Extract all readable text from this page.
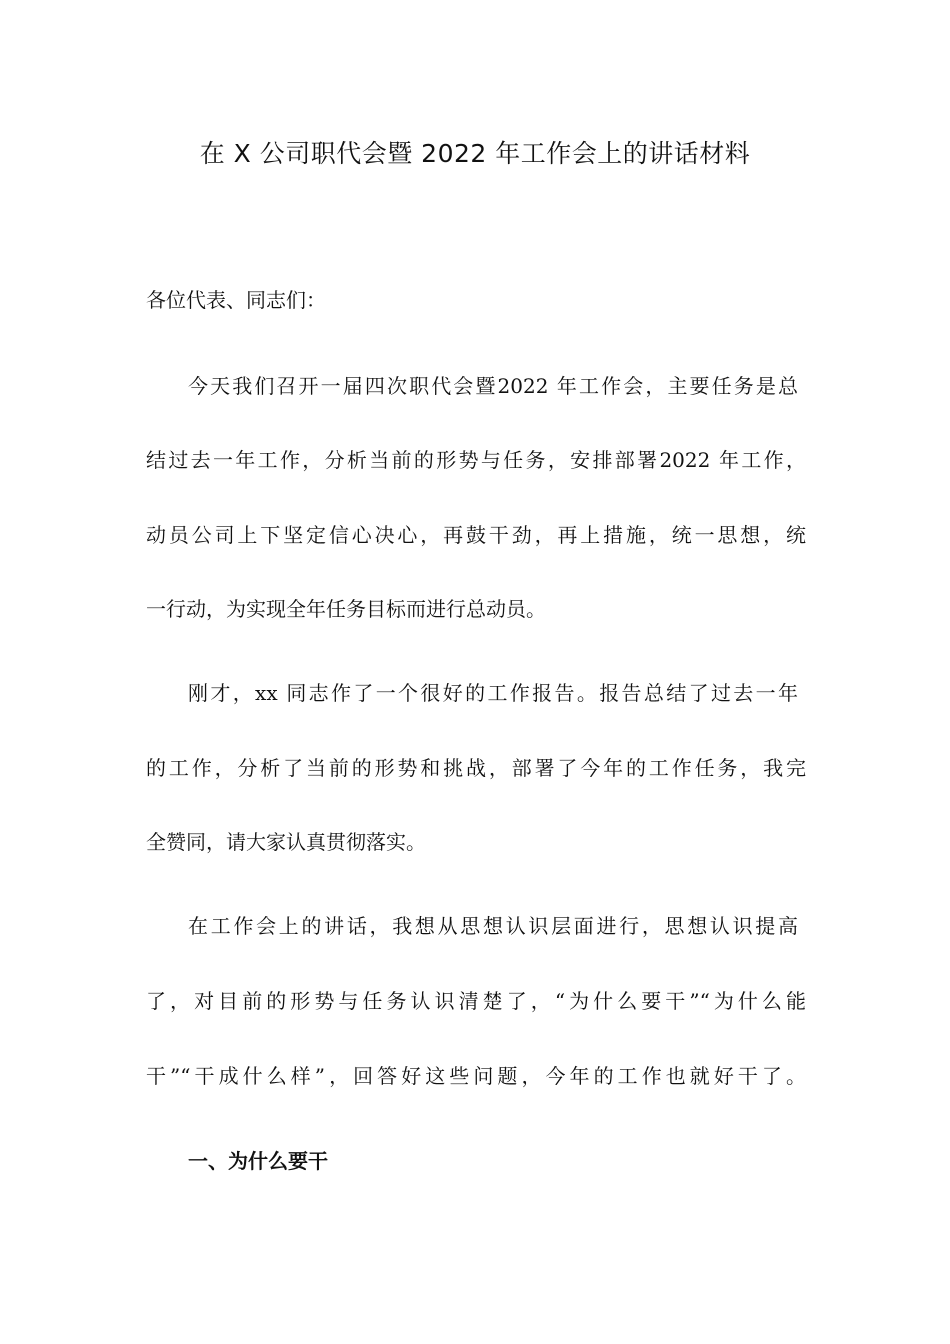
在 X 公司职代会暨 2022 年工作会上的讲话材料

各位代表、同志们：

今天我们召开一届四次职代会暨2022 年工作会，主要任务是总

结过去一年工作，分析当前的形势与任务，安排部署2022 年工作，

动员公司上下坚定信心决心，再鼓干劲，再上措施，统一思想，统

一行动，为实现全年任务目标而进行总动员。

刚才，xx 同志作了一个很好的工作报告。报告总结了过去一年

的工作，分析了当前的形势和挑战，部署了今年的工作任务，我完

全赞同，请大家认真贯彻落实。

在工作会上的讲话，我想从思想认识层面进行，思想认识提高

了，对目前的形势与任务认识清楚了，“为什么要干”“为什么能

干”“干成什么样”，回答好这些问题，今年的工作也就好干了。

一、为什么要干
